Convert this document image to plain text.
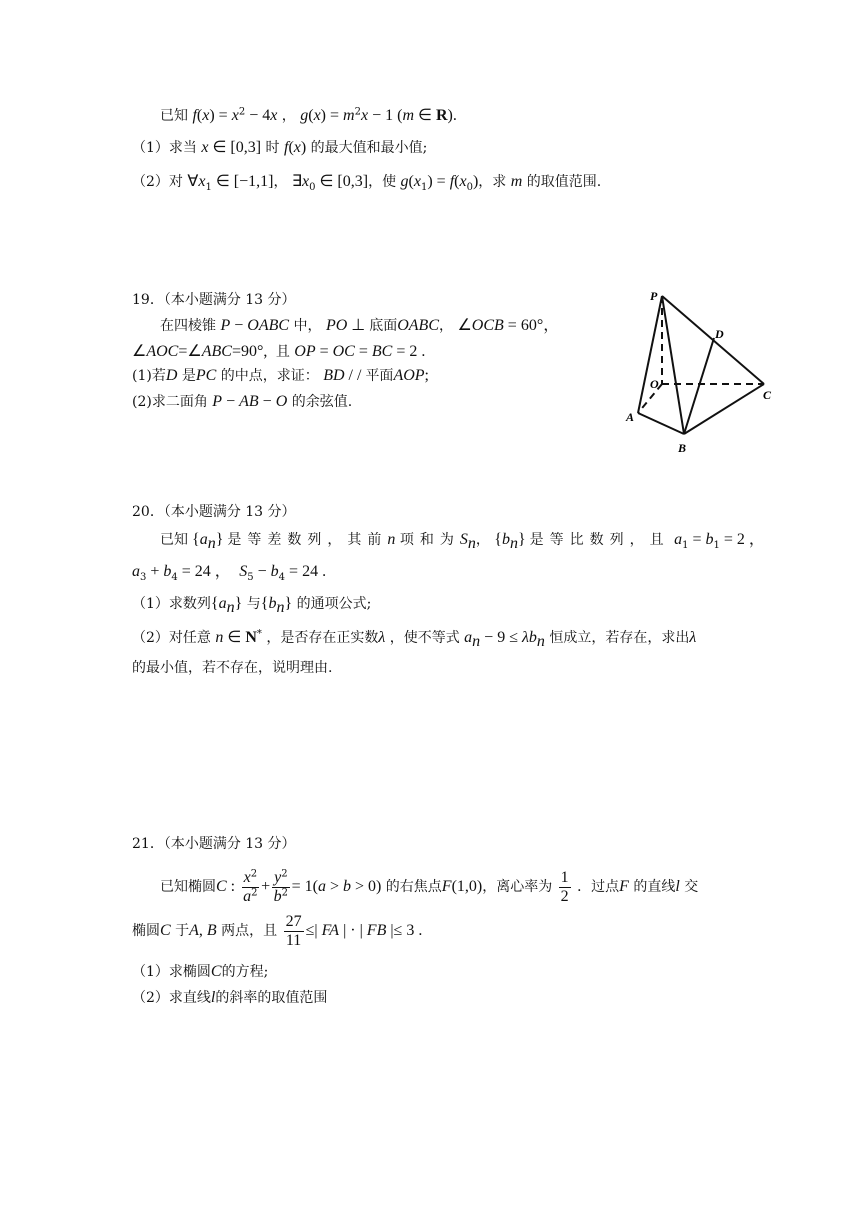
已知 $f(x) = x^2 - 4x$ ， $g(x) = m^2x - 1$ (m ∈ R).
（1）求当 x ∈ [0,3] 时 f(x) 的最大值和最小值;
（2）对 $\forall x_1$ ∈ [−1,1]， $\exists x_0$ ∈ [0,3]，使 $g(x_1) = f(x_0)$，求 m 的取值范围.
19．（本小题满分 13 分）
在四棱锥 P − OABC 中， PO ⊥ 底面OABC， ∠OCB = 60°，
∠AOC=∠ABC=90°,  且 OP = OC = BC = 2 .
(1)若D 是PC 的中点，求证： BD / / 平面AOP;
(2)求二面角 P − AB − O 的余弦值.
P
D
O
C
A
B
20．（本小题满分 13 分）
已知 $\{a_n\}$ 是等差数列，其前n 项和为$S_n$， $\{b_n\}$ 是等比数列，且 $a_1 = b_1 = 2$ ，
$a_3 + b_4 = 24$ ，  $S_5 - b_4 = 24$ .
（1）求数列$\{a_n\}$ 与$\{b_n\}$ 的通项公式;
（2）对任意 n ∈ N* ，是否存在正实数λ ，使不等式 $a_n - 9 \le \lambda b_n$ 恒成立，若存在，求出λ
的最小值，若不存在，说明理由.
21．（本小题满分 13 分）
已知椭圆C : $\frac{x^2}{a^2} + \frac{y^2}{b^2} = 1(a > b > 0)$ 的右焦点F(1,0)，离心率为 $\frac{1}{2}$ ．过点F 的直线l 交
椭圆C 于A, B 两点，且 $\frac{27}{11}$ ≤| FA | · | FB |≤ 3 .
（1）求椭圆C的方程;
（2）求直线l的斜率的取值范围
